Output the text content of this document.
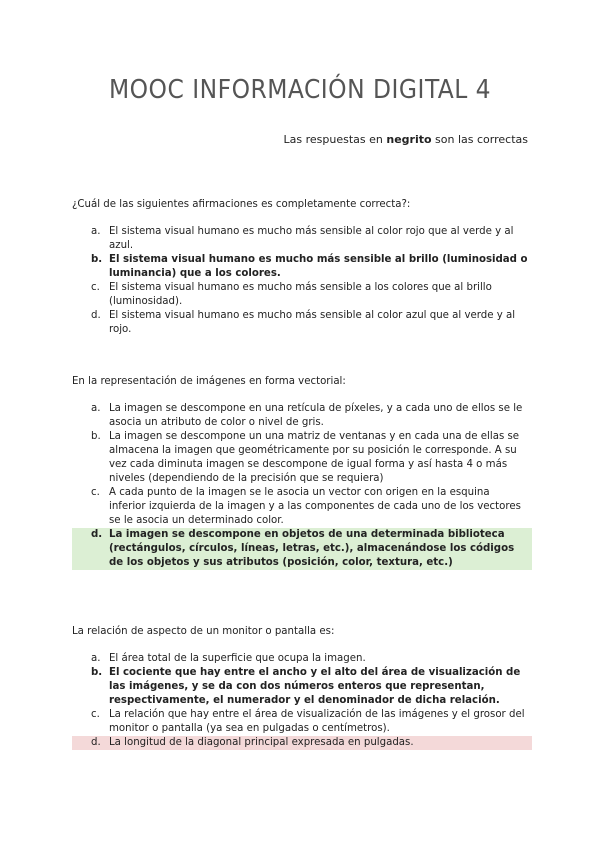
MOOC INFORMACIÓN DIGITAL 4
Las respuestas en negrito son las correctas
¿Cuál de las siguientes afirmaciones es completamente correcta?:
a. El sistema visual humano es mucho más sensible al color rojo que al verde y al azul.
b. El sistema visual humano es mucho más sensible al brillo (luminosidad o luminancia) que a los colores.
c. El sistema visual humano es mucho más sensible a los colores que al brillo (luminosidad).
d. El sistema visual humano es mucho más sensible al color azul que al verde y al rojo.
En la representación de imágenes en forma vectorial:
a. La imagen se descompone en una retícula de píxeles, y a cada uno de ellos se le asocia un atributo de color o nivel de gris.
b. La imagen se descompone un una matriz de ventanas y en cada una de ellas se almacena la imagen que geométricamente por su posición le corresponde. A su vez cada diminuta imagen se descompone de igual forma y así hasta 4 o más niveles (dependiendo de la precisión que se requiera)
c. A cada punto de la imagen se le asocia un vector con origen en la esquina inferior izquierda de la imagen y a las componentes de cada uno de los vectores se le asocia un determinado color.
d. La imagen se descompone en objetos de una determinada biblioteca (rectángulos, círculos, líneas, letras, etc.), almacenándose los códigos de los objetos y sus atributos (posición, color, textura, etc.)
La relación de aspecto de un monitor o pantalla es:
a. El área total de la superficie que ocupa la imagen.
b. El cociente que hay entre el ancho y el alto del área de visualización de las imágenes, y se da con dos números enteros que representan, respectivamente, el numerador y el denominador de dicha relación.
c. La relación que hay entre el área de visualización de las imágenes y el grosor del monitor o pantalla (ya sea en pulgadas o centímetros).
d. La longitud de la diagonal principal expresada en pulgadas.
